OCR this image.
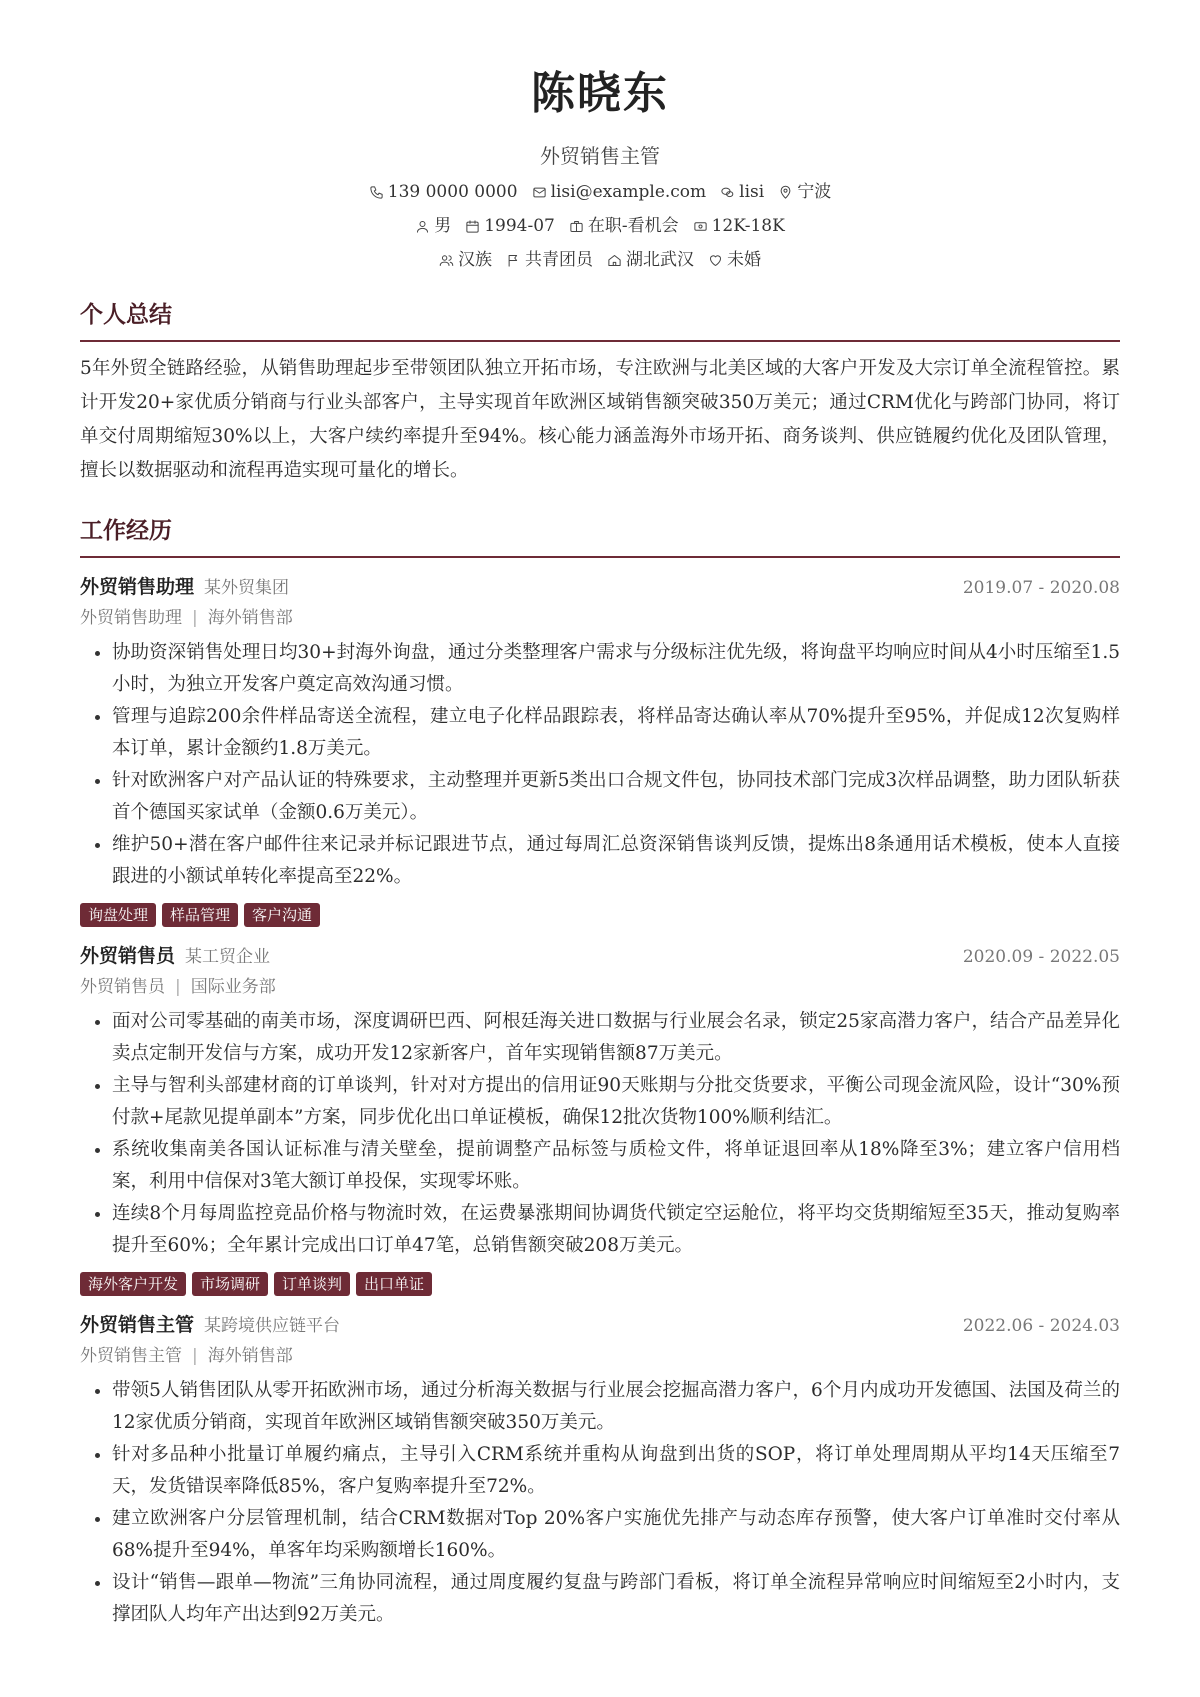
陈晓东
外贸销售主管
139 0000 0000 lisi@example.com lisi 宁波
男 1994-07 在职-看机会 12K-18K
汉族 共青团员 湖北武汉 未婚
个人总结
5年外贸全链路经验，从销售助理起步至带领团队独立开拓市场，专注欧洲与北美区域的大客户开发及大宗订单全流程管控。累计开发20+家优质分销商与行业头部客户，主导实现首年欧洲区域销售额突破350万美元；通过CRM优化与跨部门协同，将订单交付周期缩短30%以上，大客户续约率提升至94%。核心能力涵盖海外市场开拓、商务谈判、供应链履约优化及团队管理，擅长以数据驱动和流程再造实现可量化的增长。
工作经历
外贸销售助理 某外贸集团	2019.07 - 2020.08
外贸销售助理 | 海外销售部
• 协助资深销售处理日均30+封海外询盘，通过分类整理客户需求与分级标注优先级，将询盘平均响应时间从4小时压缩至1.5小时，为独立开发客户奠定高效沟通习惯。
• 管理与追踪200余件样品寄送全流程，建立电子化样品跟踪表，将样品寄达确认率从70%提升至95%，并促成12次复购样本订单，累计金额约1.8万美元。
• 针对欧洲客户对产品认证的特殊要求，主动整理并更新5类出口合规文件包，协同技术部门完成3次样品调整，助力团队斩获首个德国买家试单（金额0.6万美元）。
• 维护50+潜在客户邮件往来记录并标记跟进节点，通过每周汇总资深销售谈判反馈，提炼出8条通用话术模板，使本人直接跟进的小额试单转化率提高至22%。
询盘处理	样品管理	客户沟通
外贸销售员 某工贸企业	2020.09 - 2022.05
外贸销售员 | 国际业务部
• 面对公司零基础的南美市场，深度调研巴西、阿根廷海关进口数据与行业展会名录，锁定25家高潜力客户，结合产品差异化卖点定制开发信与方案，成功开发12家新客户，首年实现销售额87万美元。
• 主导与智利头部建材商的订单谈判，针对对方提出的信用证90天账期与分批交货要求，平衡公司现金流风险，设计“30%预付款+尾款见提单副本”方案，同步优化出口单证模板，确保12批次货物100%顺利结汇。
• 系统收集南美各国认证标准与清关壁垒，提前调整产品标签与质检文件，将单证退回率从18%降至3%；建立客户信用档案，利用中信保对3笔大额订单投保，实现零坏账。
• 连续8个月每周监控竞品价格与物流时效，在运费暴涨期间协调货代锁定空运舱位，将平均交货期缩短至35天，推动复购率提升至60%；全年累计完成出口订单47笔，总销售额突破208万美元。
海外客户开发	市场调研	订单谈判	出口单证
外贸销售主管 某跨境供应链平台	2022.06 - 2024.03
外贸销售主管 | 海外销售部
• 带领5人销售团队从零开拓欧洲市场，通过分析海关数据与行业展会挖掘高潜力客户，6个月内成功开发德国、法国及荷兰的12家优质分销商，实现首年欧洲区域销售额突破350万美元。
• 针对多品种小批量订单履约痛点，主导引入CRM系统并重构从询盘到出货的SOP，将订单处理周期从平均14天压缩至7天，发货错误率降低85%，客户复购率提升至72%。
• 建立欧洲客户分层管理机制，结合CRM数据对Top 20%客户实施优先排产与动态库存预警，使大客户订单准时交付率从68%提升至94%，单客年均采购额增长160%。
• 设计“销售—跟单—物流”三角协同流程，通过周度履约复盘与跨部门看板，将订单全流程异常响应时间缩短至2小时内，支撑团队人均年产出达到92万美元。
